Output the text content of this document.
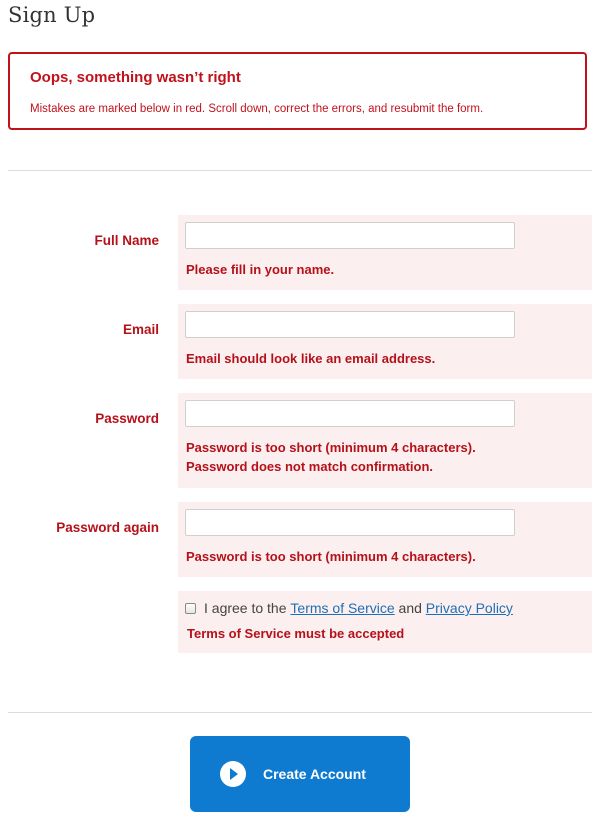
Sign Up
Oops, something wasn’t right
Mistakes are marked below in red. Scroll down, correct the errors, and resubmit the form.
Full Name
Please fill in your name.
Email
Email should look like an email address.
Password
Password is too short (minimum 4 characters).
Password does not match confirmation.
Password again
Password is too short (minimum 4 characters).
I agree to the
Terms of Service
and
Privacy Policy
Terms of Service must be accepted
Create Account
